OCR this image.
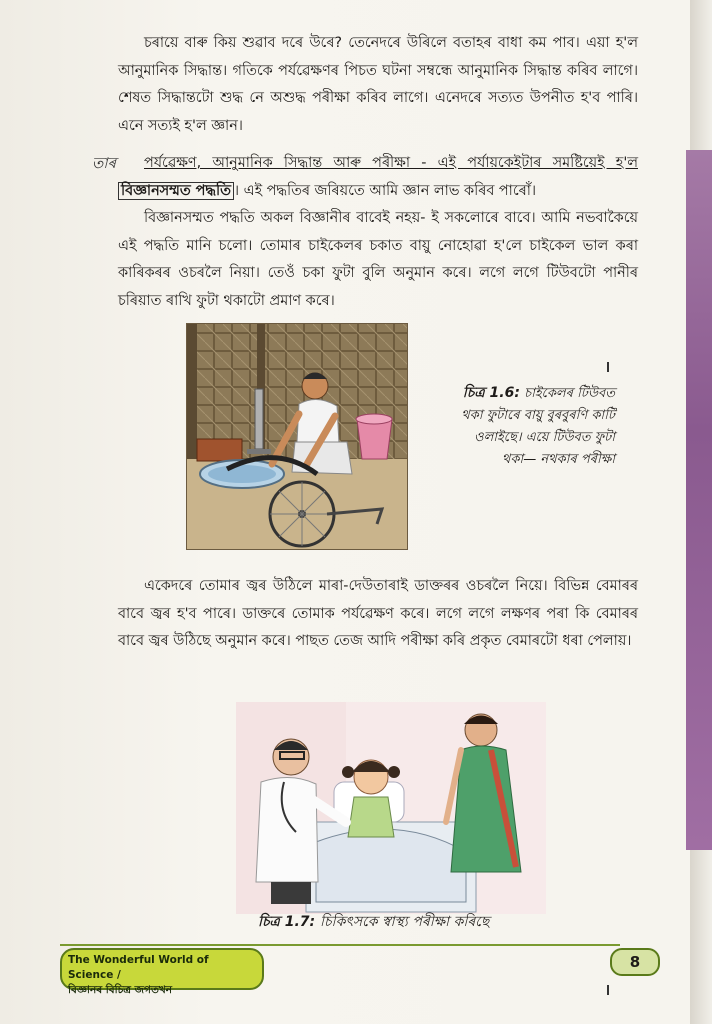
চৰায়ে বাৰু কিয় শুৱাব দৰে উৰে? তেনেদৰে উৰিলে বতাহৰ বাধা কম পাব। এয়া হ'ল আনুমানিক সিদ্ধান্ত। গতিকে পৰ্যৱেক্ষণৰ পিচত ঘটনা সম্বন্ধে আনুমানিক সিদ্ধান্ত কৰিব লাগে। শেষত সিদ্ধান্তটো শুদ্ধ নে অশুদ্ধ পৰীক্ষা কৰিব লাগে। এনেদৰে সত্যত উপনীত হ'ব পাৰি। এনে সত্যই হ'ল জ্ঞান।
তাৰ	পৰ্যৱেক্ষণ, আনুমানিক সিদ্ধান্ত আৰু পৰীক্ষা - এই পৰ্যায়কেইটাৰ সমষ্টিয়েই হ'ল বিজ্ঞানসম্মত পদ্ধতি । এই পদ্ধতিৰ জৰিয়তে আমি জ্ঞান লাভ কৰিব পাৰোঁ।
বিজ্ঞানসম্মত পদ্ধতি অকল বিজ্ঞানীৰ বাবেই নহয়- ই সকলোৰে বাবে। আমি নভবাকৈয়ে এই পদ্ধতি মানি চলো। তোমাৰ চাইকেলৰ চকাত বায়ু নোহোৱা হ'লে চাইকেল ভাল কৰা কাৰিকৰৰ ওচৰলৈ নিয়া। তেওঁ চকা ফুটা বুলি অনুমান কৰে। লগে লগে টিউবটো পানীৰ চৰিয়াত ৰাখি ফুটা থকাটো প্ৰমাণ কৰে।
চিত্ৰ 1.6: চাইকেলৰ টিউবত থকা ফুটাৰে বায়ু বুৰবুৰণি কাটি ওলাইছে। এয়ে টিউবত ফুটা থকা— নথকাৰ পৰীক্ষা
একেদৰে তোমাৰ জ্বৰ উঠিলে মাৰা-দেউতাৰাই ডাক্তৰৰ ওচৰলৈ নিয়ে। বিভিন্ন বেমাৰৰ বাবে জ্বৰ হ'ব পাৰে। ডাক্তৰে তোমাক পৰ্যৱেক্ষণ কৰে। লগে লগে লক্ষণৰ পৰা কি বেমাৰৰ বাবে জ্বৰ উঠিছে অনুমান কৰে। পাছত তেজ আদি পৰীক্ষা কৰি প্ৰকৃত বেমাৰটো ধৰা পেলায়।
চিত্ৰ 1.7: চিকিৎসকে স্বাস্থ্য পৰীক্ষা কৰিছে
The Wonderful World of Science /
বিজ্ঞানৰ বিচিত্ৰ জগতখন
8
